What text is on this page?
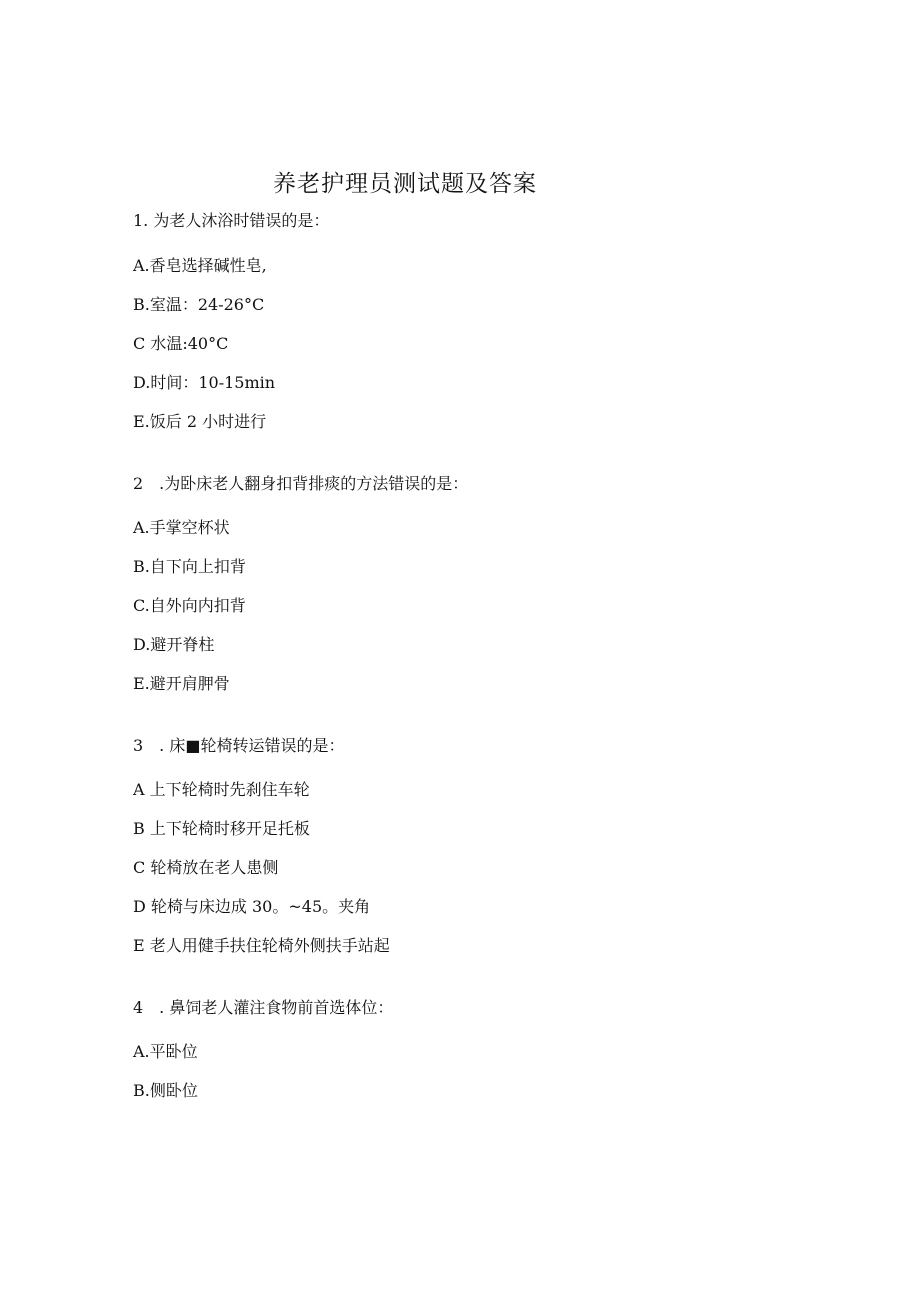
养老护理员测试题及答案
1. 为老人沐浴时错误的是：
A.香皂选择碱性皂,
B.室温：24-26°C
C 水温:40°C
D.时间：10-15min
E.饭后 2 小时进行
2　.为卧床老人翻身扣背排痰的方法错误的是：
A.手掌空杯状
B.自下向上扣背
C.自外向内扣背
D.避开脊柱
E.避开肩胛骨
3　. 床■轮椅转运错误的是：
A 上下轮椅时先刹住车轮
B 上下轮椅时移开足托板
C 轮椅放在老人患侧
D 轮椅与床边成 30。~45。夹角
E 老人用健手扶住轮椅外侧扶手站起
4　. 鼻饲老人灌注食物前首选体位：
A.平卧位
B.侧卧位
